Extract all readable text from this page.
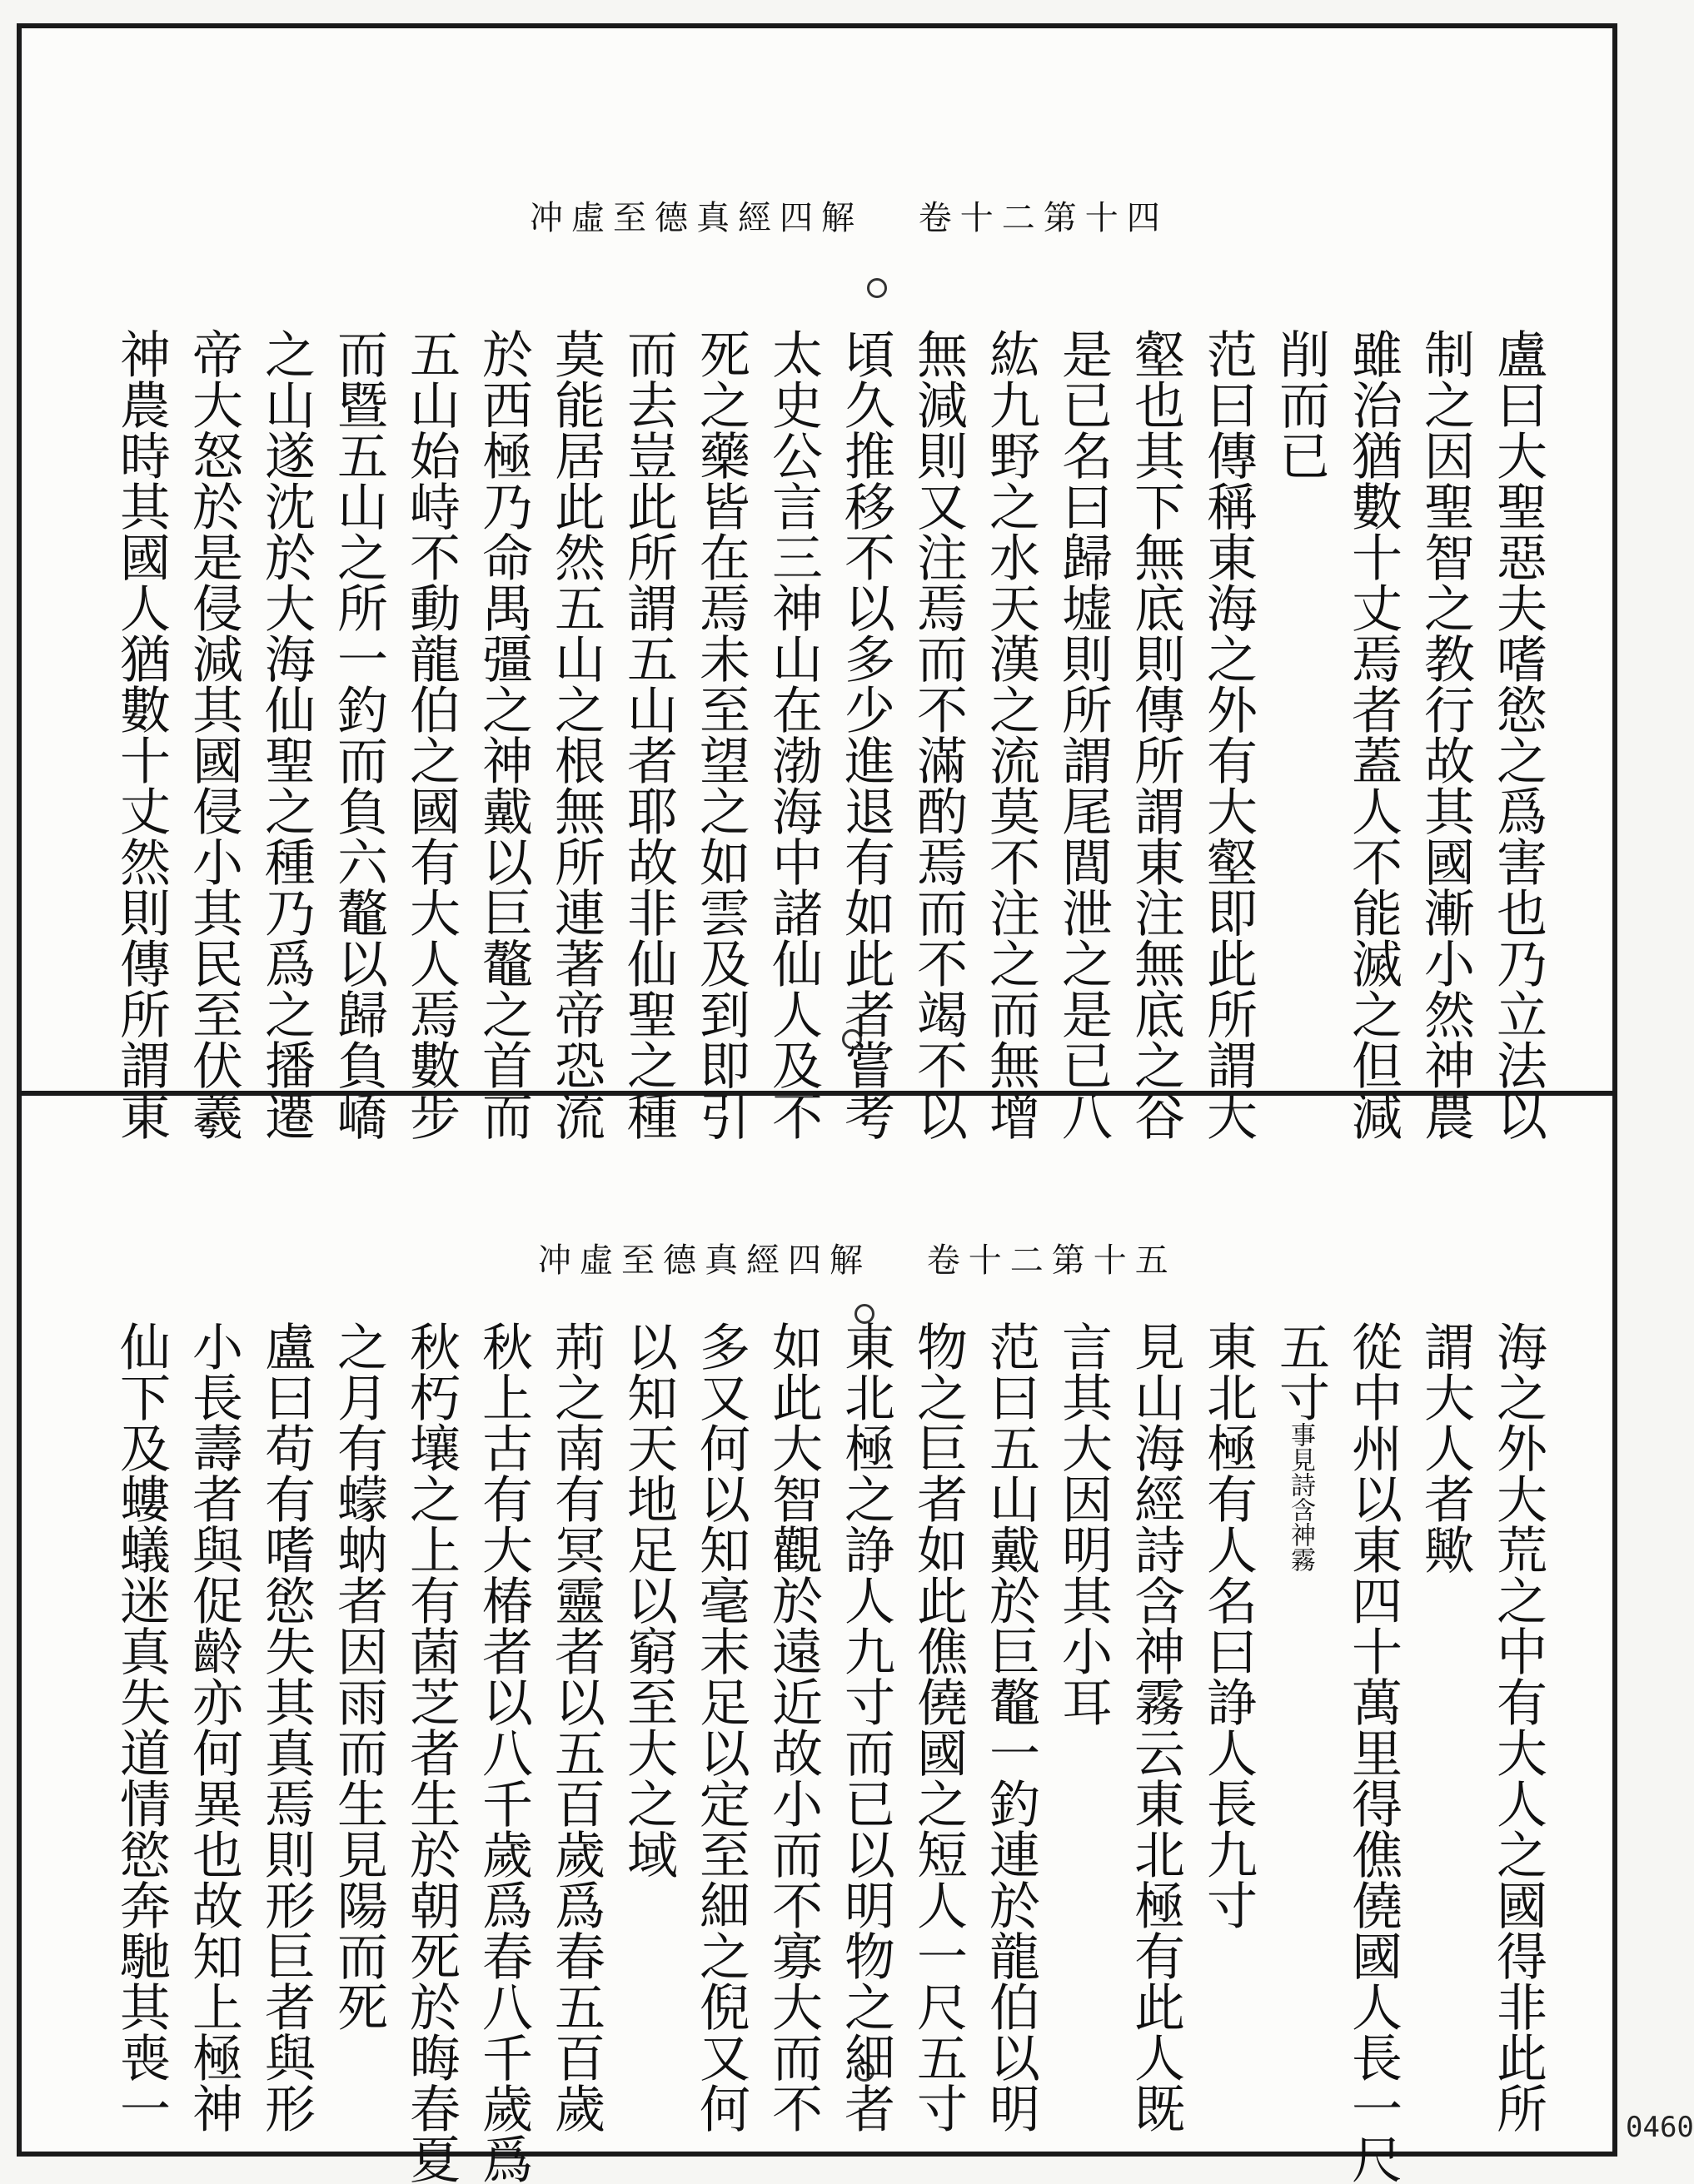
冲虛至德真經四解 卷十二第十四
盧曰大聖惡夫嗜慾之爲害也乃立法以
制之因聖智之教行故其國漸小然神農
雖治猶數十丈焉者蓋人不能滅之但減
削而已
范曰傳稱東海之外有大壑即此所謂大
壑也其下無底則傳所謂東注無底之谷
是已名曰歸墟則所謂尾閭泄之是已八
紘九野之水天漢之流莫不注之而無增
無減則又注焉而不滿酌焉而不竭不以
頃久推移不以多少進退有如此者嘗考
太史公言三神山在渤海中諸仙人及不
死之藥皆在焉未至望之如雲及到即引
而去豈此所謂五山者耶故非仙聖之種
莫能居此然五山之根無所連著帝恐流
於西極乃命禺彊之神戴以巨鼇之首而
五山始峙不動龍伯之國有大人焉數步
而暨五山之所一釣而負六鼇以歸負嶠
之山遂沈於大海仙聖之種乃爲之播遷
帝大怒於是侵減其國侵小其民至伏羲
神農時其國人猶數十丈然則傳所謂東
冲虛至德真經四解 卷十二第十五
海之外大荒之中有大人之國得非此所
謂大人者歟
從中州以東四十萬里得僬僥國人長一尺
五寸事見詩含神霧
東北極有人名曰諍人長九寸
見山海經詩含神霧云東北極有此人既
言其大因明其小耳
范曰五山戴於巨鼇一釣連於龍伯以明
物之巨者如此僬僥國之短人一尺五寸
東北極之諍人九寸而已以明物之細者
如此大智觀於遠近故小而不寡大而不
多又何以知毫末足以定至細之倪又何
以知天地足以窮至大之域
荊之南有冥靈者以五百歲爲春五百歲
秋上古有大椿者以八千歲爲春八千歲爲
秋朽壤之上有菌芝者生於朝死於晦春夏
之月有蠓蚋者因雨而生見陽而死
盧曰苟有嗜慾失其真焉則形巨者與形
小長壽者與促齡亦何異也故知上極神
仙下及螻蟻迷真失道情慾奔馳其喪一	0460
